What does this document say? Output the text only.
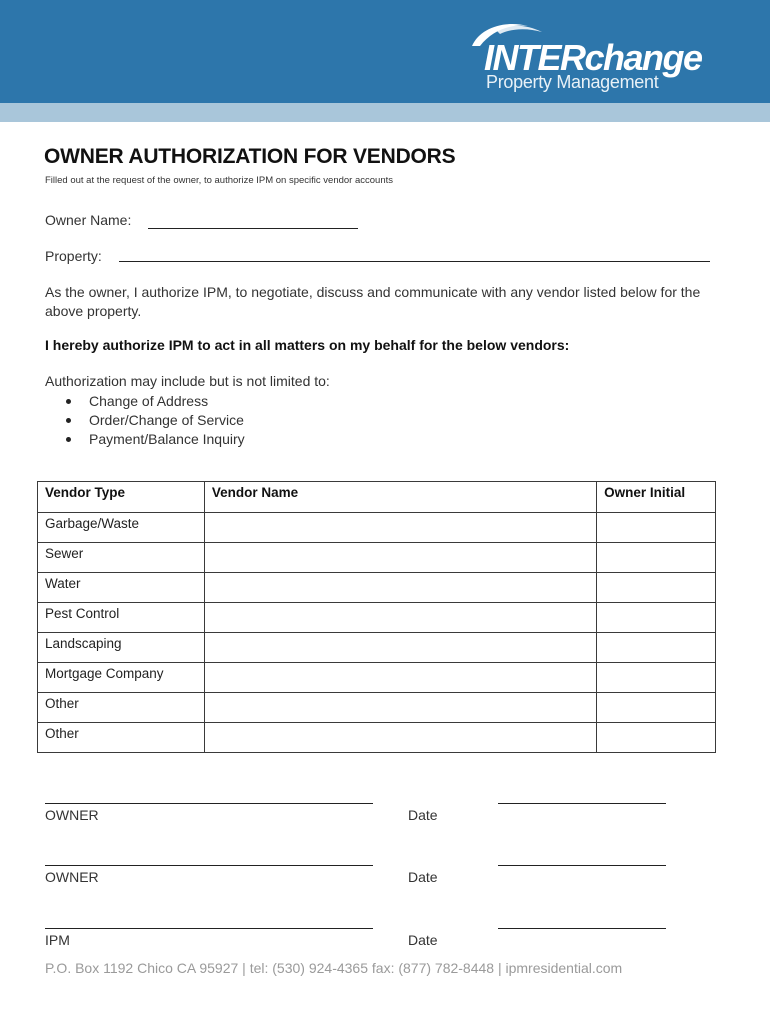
INTERchange
Property Management
OWNER AUTHORIZATION FOR VENDORS
Filled out at the request of the owner, to authorize IPM on specific vendor accounts
Owner Name:
Property:
As the owner, I authorize IPM, to negotiate, discuss and communicate with any vendor listed below for the above property.
I hereby authorize IPM to act in all matters on my behalf for the below vendors:
Authorization may include but is not limited to:
Change of Address
Order/Change of Service
Payment/Balance Inquiry
Vendor Type	Vendor Name	Owner Initial
Garbage/Waste		
Sewer		
Water		
Pest Control		
Landscaping		
Mortgage Company		
Other		
Other		
OWNER	Date
OWNER	Date
IPM	Date
P.O. Box 1192 Chico CA 95927 | tel: (530) 924-4365 fax: (877) 782-8448 | ipmresidential.com
